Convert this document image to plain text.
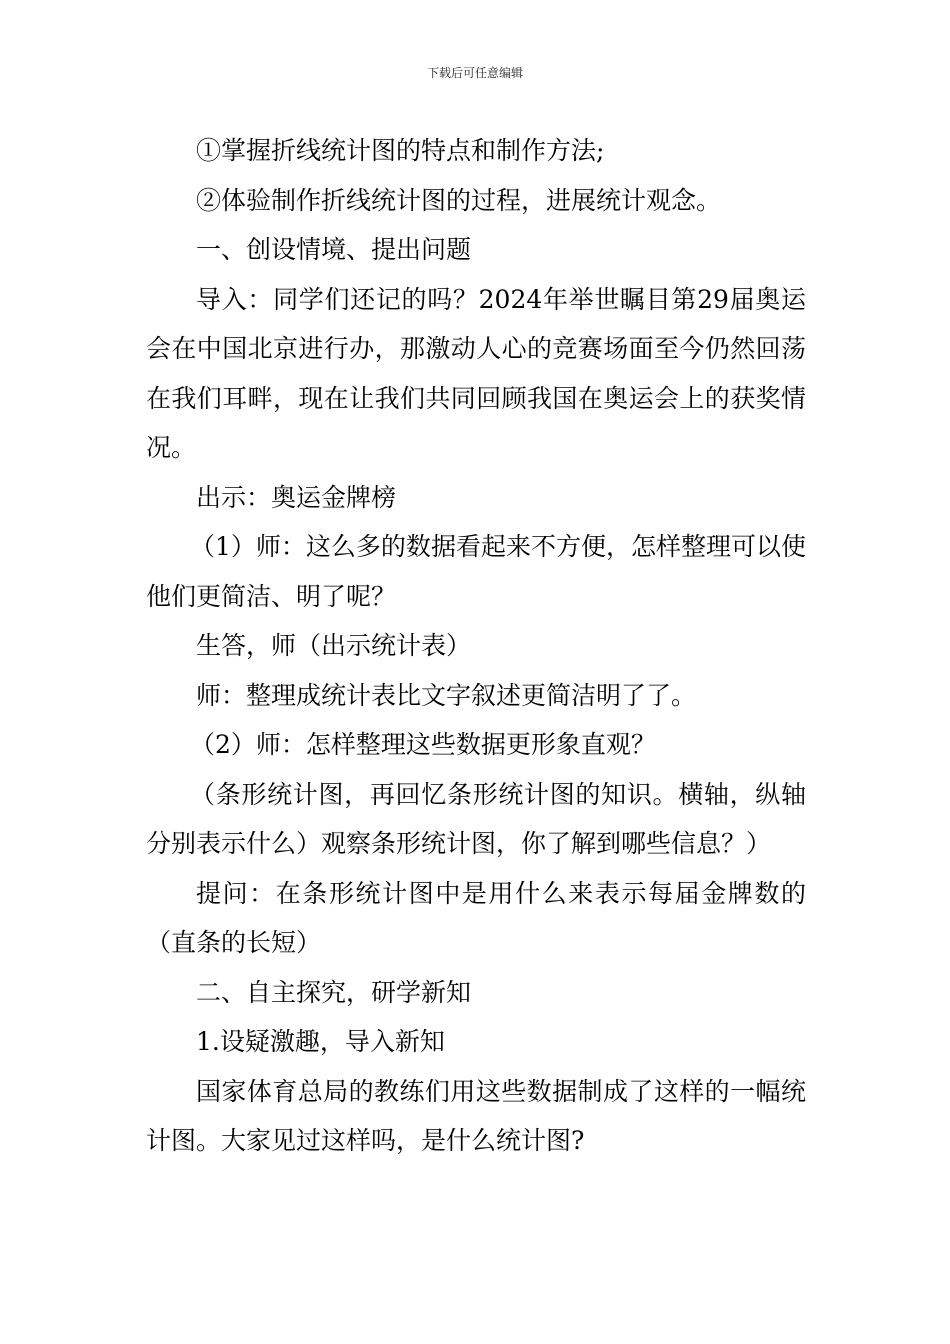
下载后可任意编辑

①掌握折线统计图的特点和制作方法;

②体验制作折线统计图的过程，进展统计观念。

一、创设情境、提出问题

导入：同学们还记的吗？2024年举世瞩目第29届奥运会在中国北京进行办，那激动人心的竞赛场面至今仍然回荡在我们耳畔，现在让我们共同回顾我国在奥运会上的获奖情况。

出示：奥运金牌榜

（1）师：这么多的数据看起来不方便，怎样整理可以使他们更简洁、明了呢？

生答，师（出示统计表）

师：整理成统计表比文字叙述更简洁明了了。

（2）师：怎样整理这些数据更形象直观？

（条形统计图，再回忆条形统计图的知识。横轴，纵轴分别表示什么）观察条形统计图，你了解到哪些信息？）

提问：在条形统计图中是用什么来表示每届金牌数的（直条的长短）

二、自主探究，研学新知

1.设疑激趣，导入新知

国家体育总局的教练们用这些数据制成了这样的一幅统计图。大家见过这样吗，是什么统计图?
